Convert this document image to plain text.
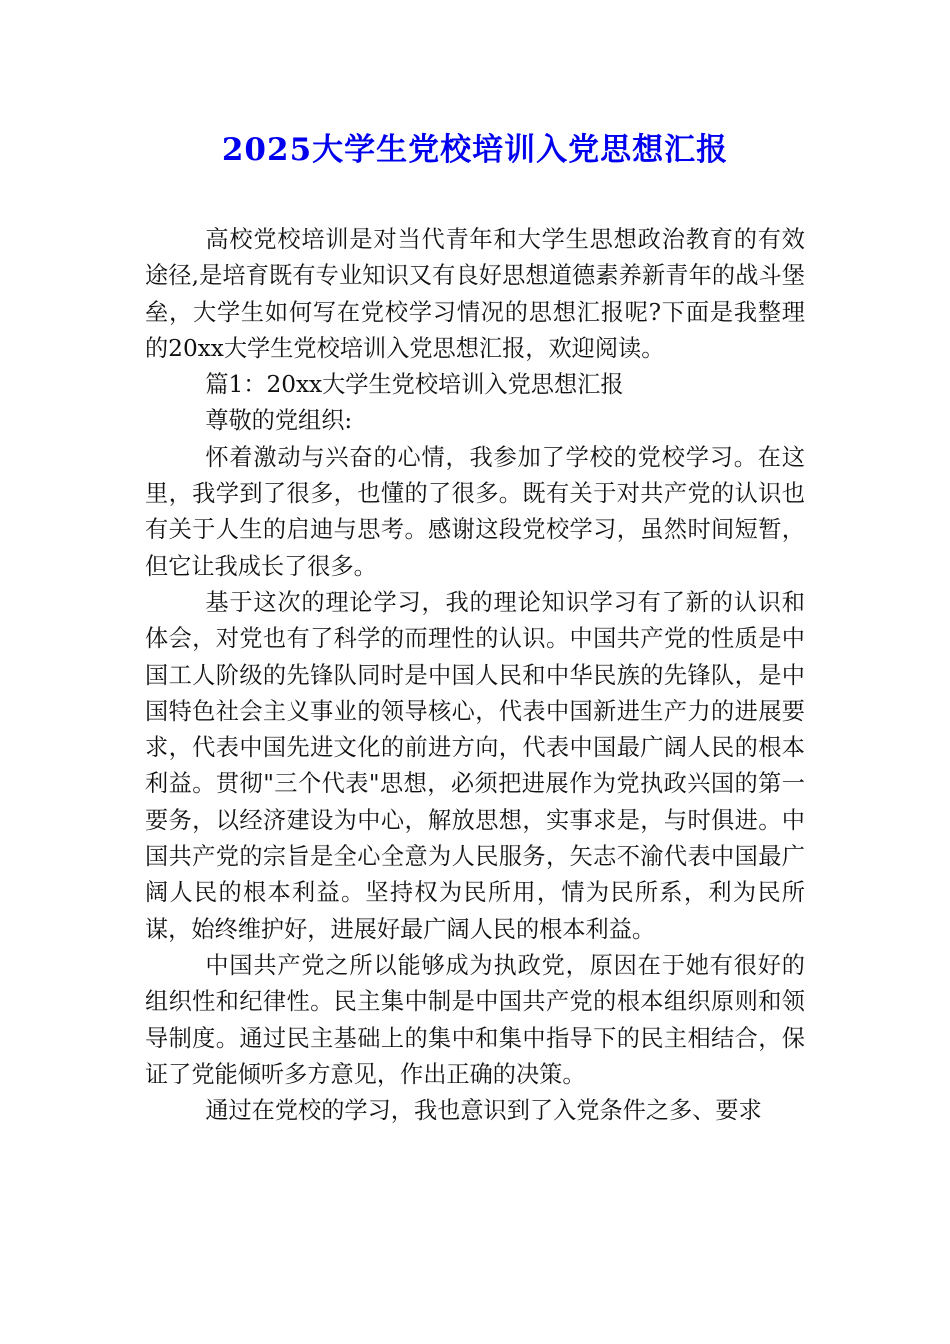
2025大学生党校培训入党思想汇报

高校党校培训是对当代青年和大学生思想政治教育的有效途径,是培育既有专业知识又有良好思想道德素养新青年的战斗堡垒，大学生如何写在党校学习情况的思想汇报呢?下面是我整理的20xx大学生党校培训入党思想汇报，欢迎阅读。

篇1：20xx大学生党校培训入党思想汇报

尊敬的党组织:

怀着激动与兴奋的心情，我参加了学校的党校学习。在这里，我学到了很多，也懂的了很多。既有关于对共产党的认识也有关于人生的启迪与思考。感谢这段党校学习，虽然时间短暂，但它让我成长了很多。

基于这次的理论学习，我的理论知识学习有了新的认识和体会，对党也有了科学的而理性的认识。中国共产党的性质是中国工人阶级的先锋队同时是中国人民和中华民族的先锋队，是中国特色社会主义事业的领导核心，代表中国新进生产力的进展要求，代表中国先进文化的前进方向，代表中国最广阔人民的根本利益。贯彻"三个代表"思想，必须把进展作为党执政兴国的第一要务，以经济建设为中心，解放思想，实事求是，与时俱进。中国共产党的宗旨是全心全意为人民服务，矢志不渝代表中国最广阔人民的根本利益。坚持权为民所用，情为民所系，利为民所谋，始终维护好，进展好最广阔人民的根本利益。

中国共产党之所以能够成为执政党，原因在于她有很好的组织性和纪律性。民主集中制是中国共产党的根本组织原则和领导制度。通过民主基础上的集中和集中指导下的民主相结合，保证了党能倾听多方意见，作出正确的决策。

通过在党校的学习，我也意识到了入党条件之多、要求
